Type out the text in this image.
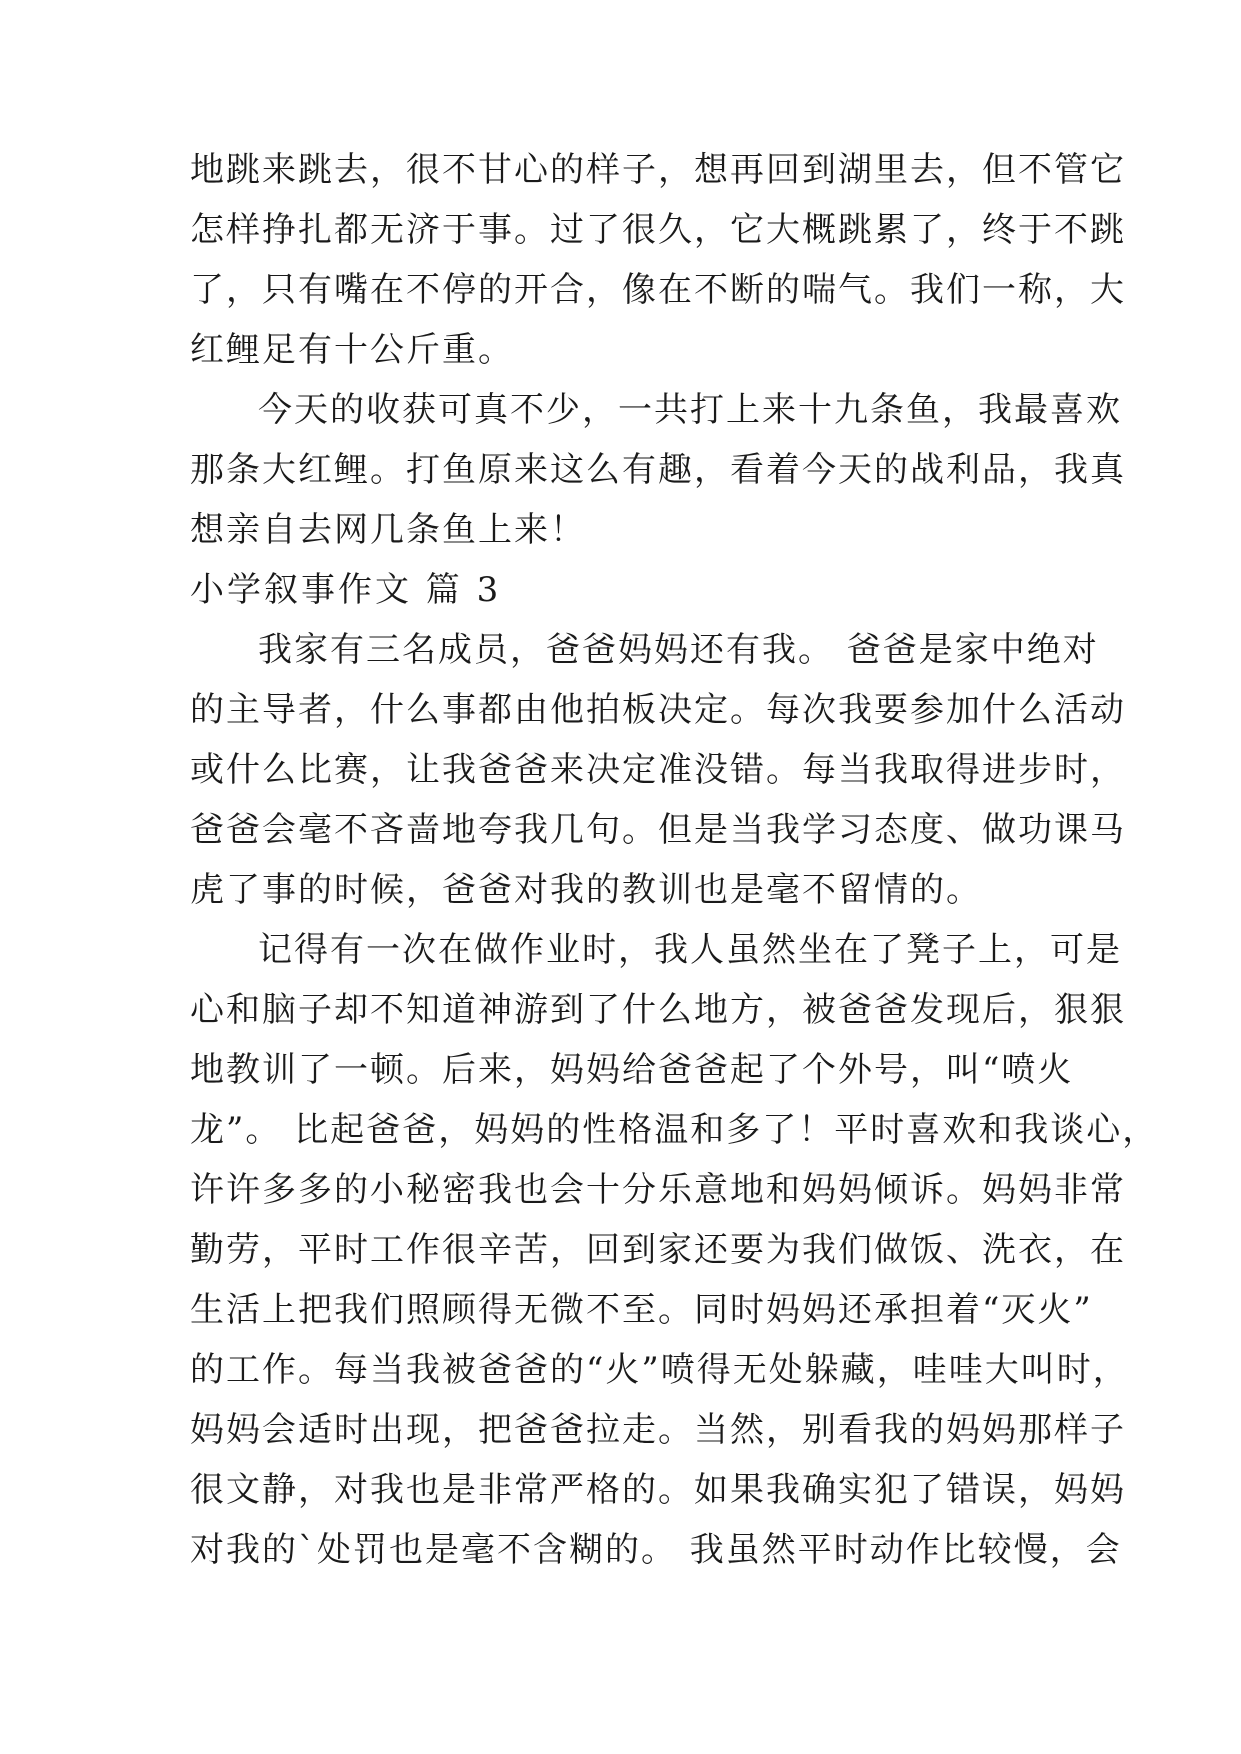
地跳来跳去，很不甘心的样子，想再回到湖里去，但不管它
怎样挣扎都无济于事。过了很久，它大概跳累了，终于不跳
了，只有嘴在不停的开合，像在不断的喘气。我们一称，大
红鲤足有十公斤重。
今天的收获可真不少，一共打上来十九条鱼，我最喜欢
那条大红鲤。打鱼原来这么有趣，看着今天的战利品，我真
想亲自去网几条鱼上来！
小学叙事作文 篇 3
我家有三名成员，爸爸妈妈还有我。 爸爸是家中绝对
的主导者，什么事都由他拍板决定。每次我要参加什么活动
或什么比赛，让我爸爸来决定准没错。每当我取得进步时，
爸爸会毫不吝啬地夸我几句。但是当我学习态度、做功课马
虎了事的时候，爸爸对我的教训也是毫不留情的。
记得有一次在做作业时，我人虽然坐在了凳子上，可是
心和脑子却不知道神游到了什么地方，被爸爸发现后，狠狠
地教训了一顿。后来，妈妈给爸爸起了个外号，叫“喷火
龙”。 比起爸爸，妈妈的性格温和多了！平时喜欢和我谈心，
许许多多的小秘密我也会十分乐意地和妈妈倾诉。妈妈非常
勤劳，平时工作很辛苦，回到家还要为我们做饭、洗衣，在
生活上把我们照顾得无微不至。同时妈妈还承担着“灭火”
的工作。每当我被爸爸的“火”喷得无处躲藏，哇哇大叫时，
妈妈会适时出现，把爸爸拉走。当然，别看我的妈妈那样子
很文静，对我也是非常严格的。如果我确实犯了错误，妈妈
对我的`处罚也是毫不含糊的。 我虽然平时动作比较慢，会
